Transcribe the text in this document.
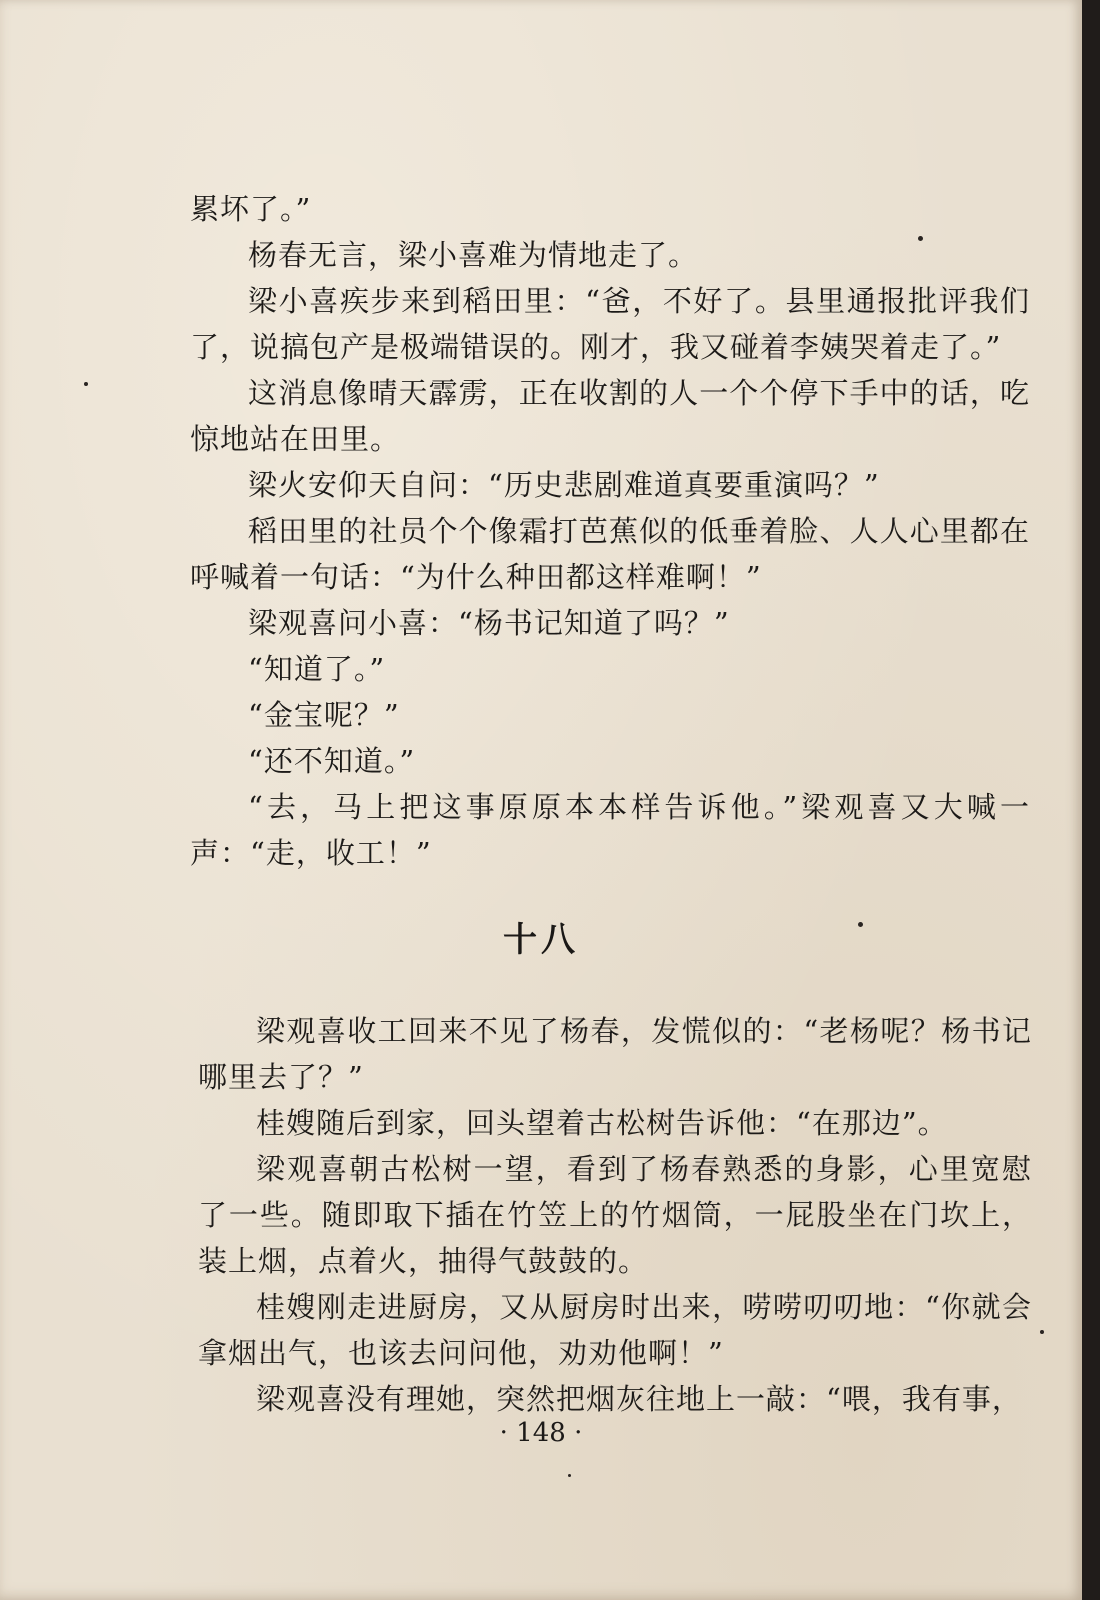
累坏了。”

杨春无言，梁小喜难为情地走了。

梁小喜疾步来到稻田里：“爸，不好了。县里通报批评我们了，说搞包产是极端错误的。刚才，我又碰着李姨哭着走了。”

这消息像晴天霹雳，正在收割的人一个个停下手中的话，吃惊地站在田里。

梁火安仰天自问：“历史悲剧难道真要重演吗？”

稻田里的社员个个像霜打芭蕉似的低垂着脸、人人心里都在呼喊着一句话：“为什么种田都这样难啊！”

梁观喜问小喜：“杨书记知道了吗？”

“知道了。”

“金宝呢？”

“还不知道。”

“去，马上把这事原原本本样告诉他。”梁观喜又大喊一声：“走，收工！”

十八

梁观喜收工回来不见了杨春，发慌似的：“老杨呢？杨书记哪里去了？”

桂嫂随后到家，回头望着古松树告诉他：“在那边”。

梁观喜朝古松树一望，看到了杨春熟悉的身影，心里宽慰了一些。随即取下插在竹笠上的竹烟筒，一屁股坐在门坎上，装上烟，点着火，抽得气鼓鼓的。

桂嫂刚走进厨房，又从厨房时出来，唠唠叨叨地：“你就会拿烟出气，也该去问问他，劝劝他啊！”

梁观喜没有理她，突然把烟灰往地上一敲：“喂，我有事，

· 148 ·
